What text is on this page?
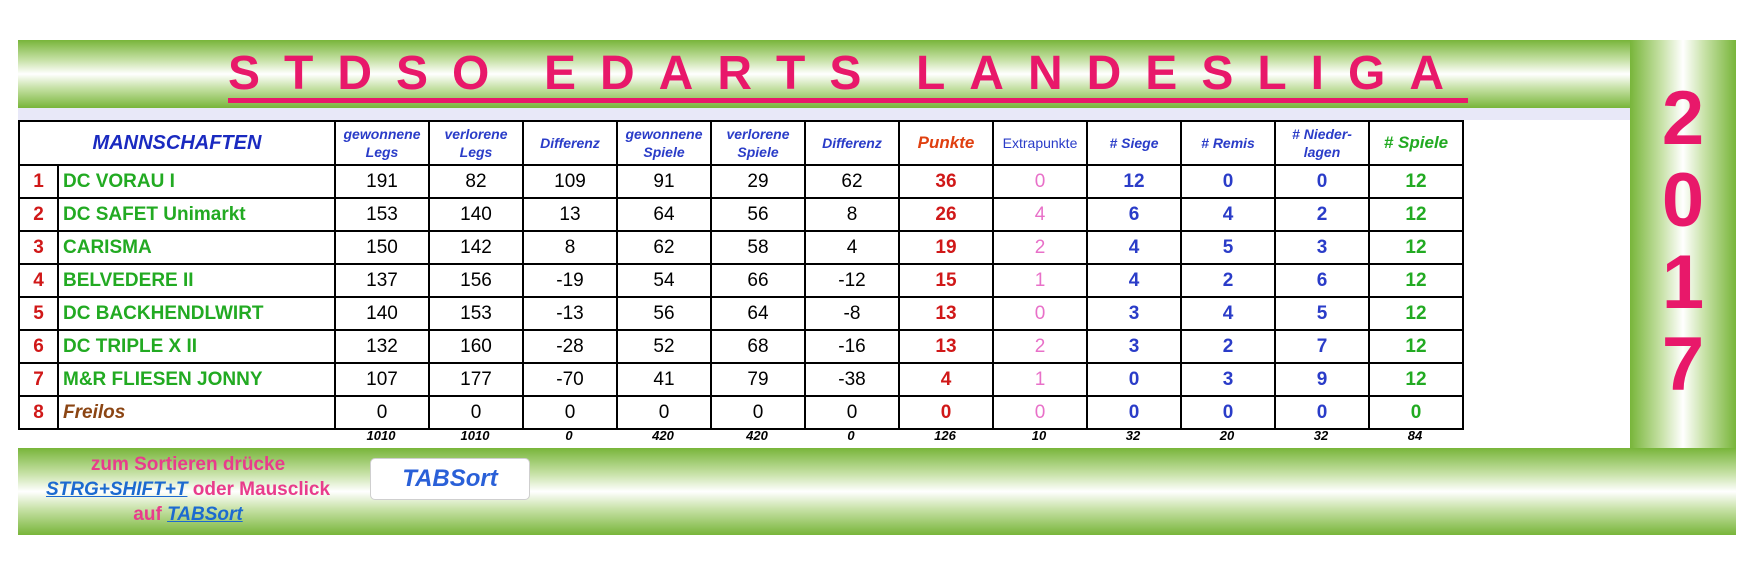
STDSO EDARTS LANDESLIGA
2
0
1
7
MANNSCHAFTEN		gewonnene Legs	verlorene Legs	Differenz	gewonnene Spiele	verlorene Spiele	Differenz	Punkte	Extrapunkte	# Siege	# Remis	# Nieder-lagen	# Spiele
1	DC VORAU I	191	82	109	91	29	62	36	0	12	0	0	12
2	DC SAFET Unimarkt	153	140	13	64	56	8	26	4	6	4	2	12
3	CARISMA	150	142	8	62	58	4	19	2	4	5	3	12
4	BELVEDERE II	137	156	-19	54	66	-12	15	1	4	2	6	12
5	DC BACKHENDLWIRT	140	153	-13	56	64	-8	13	0	3	4	5	12
6	DC TRIPLE X II	132	160	-28	52	68	-16	13	2	3	2	7	12
7	M&R FLIESEN JONNY	107	177	-70	41	79	-38	4	1	0	3	9	12
8	Freilos	0	0	0	0	0	0	0	0	0	0	0	0
1010	1010	0	420	420	0	126	10	32	20	32	84
zum Sortieren drücke
STRG+SHIFT+T oder Mausclick
auf TABSort
TABSort
